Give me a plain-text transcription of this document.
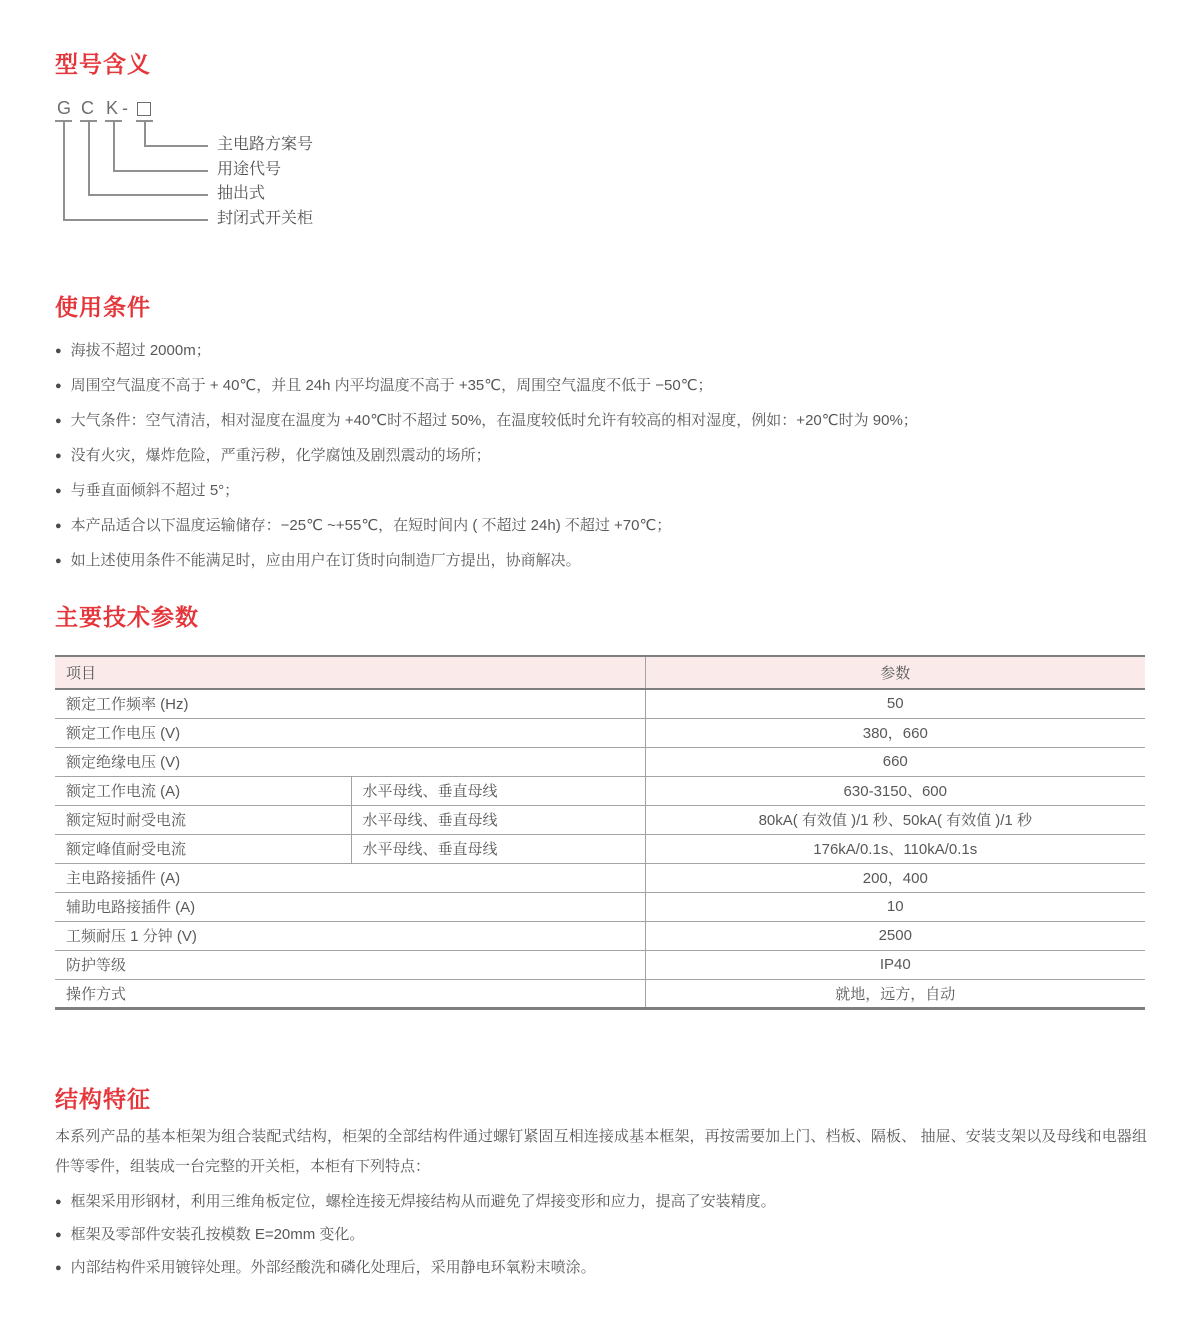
型号含义
G C K -
主电路方案号
用途代号
抽出式
封闭式开关柜
使用条件
● 海拔不超过 2000m；
● 周围空气温度不高于 + 40℃，并且 24h 内平均温度不高于 +35℃，周围空气温度不低于 −50℃；
● 大气条件：空气清洁，相对湿度在温度为 +40℃时不超过 50%，在温度较低时允许有较高的相对湿度，例如：+20℃时为 90%；
● 没有火灾，爆炸危险，严重污秽，化学腐蚀及剧烈震动的场所；
● 与垂直面倾斜不超过 5°；
● 本产品适合以下温度运输储存：−25℃ ~+55℃，在短时间内 ( 不超过 24h) 不超过 +70℃；
● 如上述使用条件不能满足时，应由用户在订货时向制造厂方提出，协商解决。
主要技术参数
项目		参数
额定工作频率 (Hz)		50
额定工作电压 (V)		380，660
额定绝缘电压 (V)		660
额定工作电流 (A)	水平母线、垂直母线	630-3150、600
额定短时耐受电流	水平母线、垂直母线	80kA( 有效值 )/1 秒、50kA( 有效值 )/1 秒
额定峰值耐受电流	水平母线、垂直母线	176kA/0.1s、110kA/0.1s
主电路接插件 (A)		200，400
辅助电路接插件 (A)		10
工频耐压 1 分钟 (V)		2500
防护等级		IP40
操作方式		就地，远方，自动
结构特征

本系列产品的基本柜架为组合装配式结构，柜架的全部结构件通过螺钉紧固互相连接成基本框架，再按需要加上门、档板、隔板、 抽屉、安装支架以及母线和电器组件等零件，组装成一台完整的开关柜，本柜有下列特点：

● 框架采用形钢材，利用三维角板定位，螺栓连接无焊接结构从而避免了焊接变形和应力，提高了安装精度。
● 框架及零部件安装孔按模数 E=20mm 变化。
● 内部结构件采用镀锌处理。外部经酸洗和磷化处理后，采用静电环氧粉末喷涂。
